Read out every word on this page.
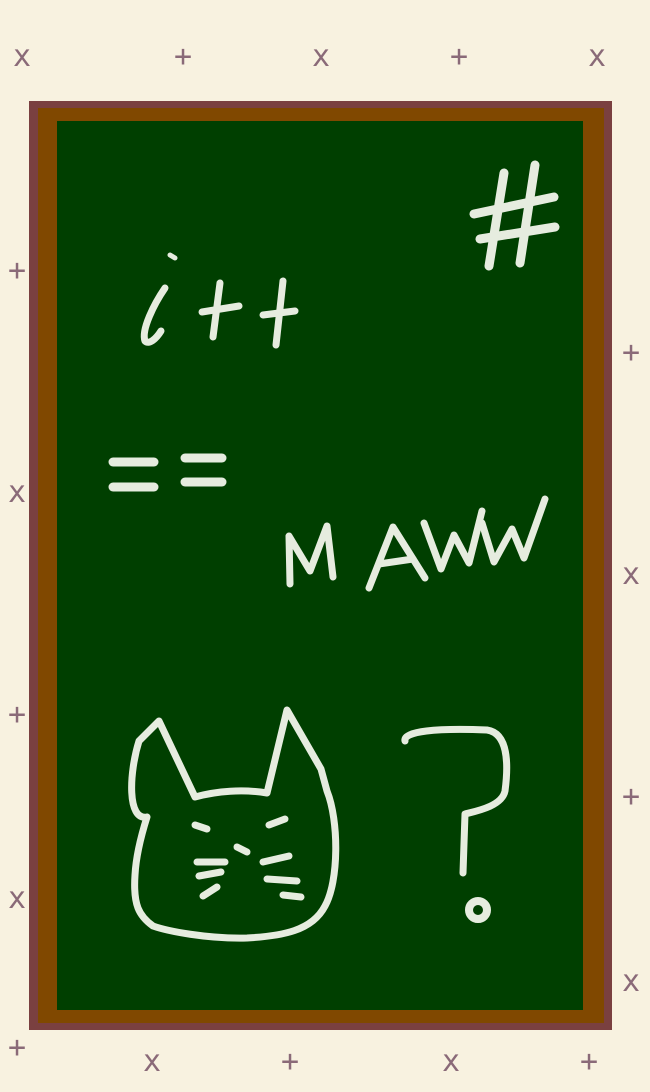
x	+	x	+	x
+
x
+
x
+
+
x
+
x
x	+	x	+
